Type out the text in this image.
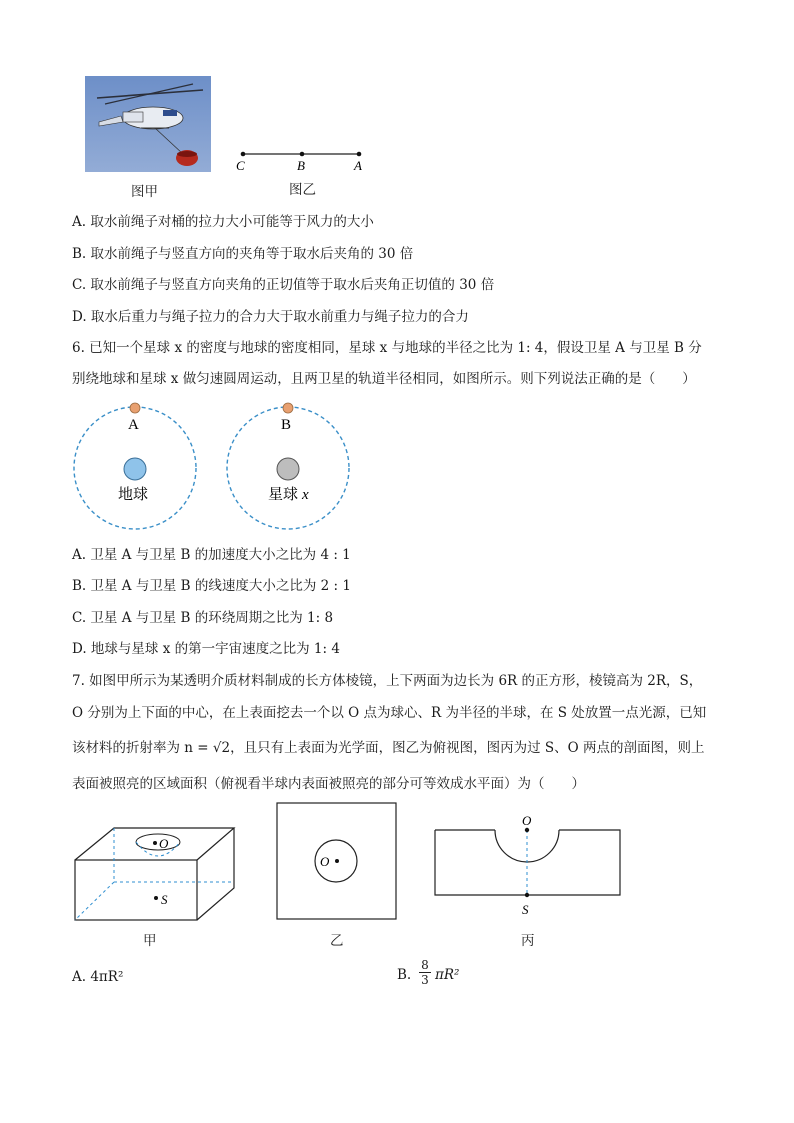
图甲
C	B	A
图乙
A. 取水前绳子对桶的拉力大小可能等于风力的大小
B. 取水前绳子与竖直方向的夹角等于取水后夹角的 30 倍
C. 取水前绳子与竖直方向夹角的正切值等于取水后夹角正切值的 30 倍
D. 取水后重力与绳子拉力的合力大于取水前重力与绳子拉力的合力
6. 已知一个星球 x 的密度与地球的密度相同，星球 x 与地球的半径之比为 1: 4，假设卫星 A 与卫星 B 分
别绕地球和星球 x 做匀速圆周运动，且两卫星的轨道半径相同，如图所示。则下列说法正确的是（　　）
A
地球
B
星球 x
A. 卫星 A 与卫星 B 的加速度大小之比为 4 : 1
B. 卫星 A 与卫星 B 的线速度大小之比为 2 : 1
C. 卫星 A 与卫星 B 的环绕周期之比为 1: 8
D. 地球与星球 x 的第一宇宙速度之比为 1: 4
7. 如图甲所示为某透明介质材料制成的长方体棱镜，上下两面为边长为 6R 的正方形，棱镜高为 2R，S，
O 分别为上下面的中心，在上表面挖去一个以 O 点为球心、R 为半径的半球，在 S 处放置一点光源，已知
该材料的折射率为 n = √2，且只有上表面为光学面，图乙为俯视图，图丙为过 S、O 两点的剖面图，则上
表面被照亮的区域面积（俯视看半球内表面被照亮的部分可等效成水平面）为（　　）
O
S
甲
O
乙
O
S
丙
A. 4πR²	B.
8
3 πR²
